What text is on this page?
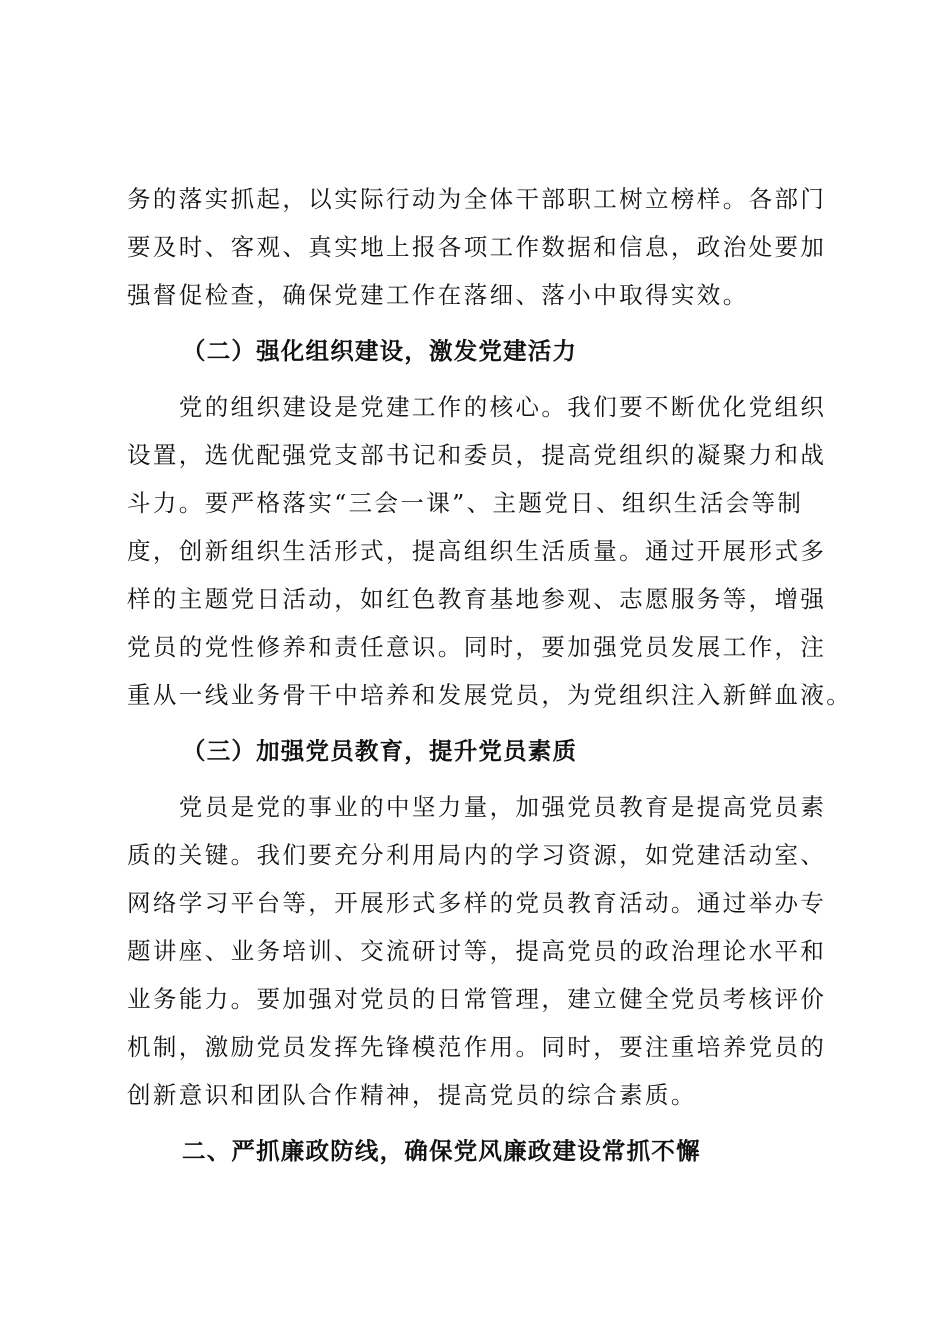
务的落实抓起，以实际行动为全体干部职工树立榜样。各部门
要及时、客观、真实地上报各项工作数据和信息，政治处要加
强督促检查，确保党建工作在落细、落小中取得实效。
（二）强化组织建设，激发党建活力
　　党的组织建设是党建工作的核心。我们要不断优化党组织
设置，选优配强党支部书记和委员，提高党组织的凝聚力和战
斗力。要严格落实“三会一课”、主题党日、组织生活会等制
度，创新组织生活形式，提高组织生活质量。通过开展形式多
样的主题党日活动，如红色教育基地参观、志愿服务等，增强
党员的党性修养和责任意识。同时，要加强党员发展工作，注
重从一线业务骨干中培养和发展党员，为党组织注入新鲜血液。
（三）加强党员教育，提升党员素质
　　党员是党的事业的中坚力量，加强党员教育是提高党员素
质的关键。我们要充分利用局内的学习资源，如党建活动室、
网络学习平台等，开展形式多样的党员教育活动。通过举办专
题讲座、业务培训、交流研讨等，提高党员的政治理论水平和
业务能力。要加强对党员的日常管理，建立健全党员考核评价
机制，激励党员发挥先锋模范作用。同时，要注重培养党员的
创新意识和团队合作精神，提高党员的综合素质。
二、严抓廉政防线，确保党风廉政建设常抓不懈
